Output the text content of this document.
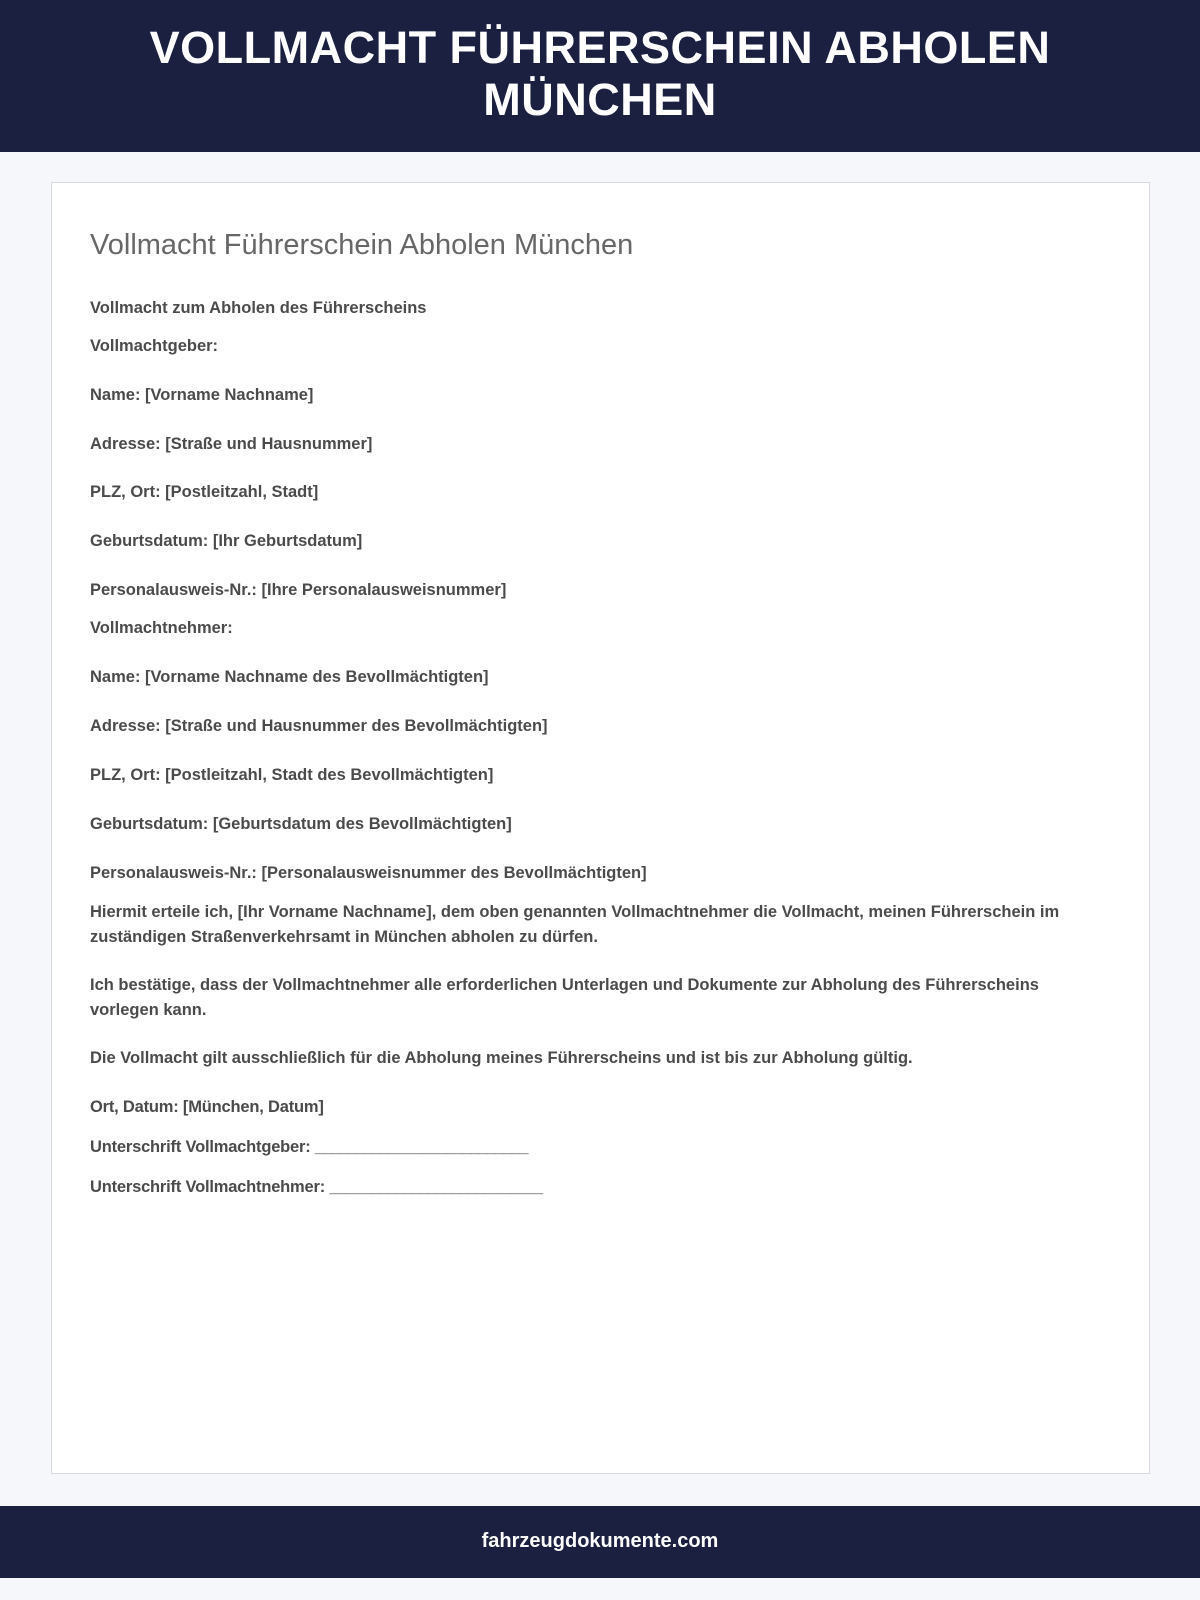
VOLLMACHT FÜHRERSCHEIN ABHOLEN MÜNCHEN
Vollmacht Führerschein Abholen München

Vollmacht zum Abholen des Führerscheins

Vollmachtgeber:

Name: [Vorname Nachname]

Adresse: [Straße und Hausnummer]

PLZ, Ort: [Postleitzahl, Stadt]

Geburtsdatum: [Ihr Geburtsdatum]

Personalausweis-Nr.: [Ihre Personalausweisnummer]

Vollmachtnehmer:

Name: [Vorname Nachname des Bevollmächtigten]

Adresse: [Straße und Hausnummer des Bevollmächtigten]

PLZ, Ort: [Postleitzahl, Stadt des Bevollmächtigten]

Geburtsdatum: [Geburtsdatum des Bevollmächtigten]

Personalausweis-Nr.: [Personalausweisnummer des Bevollmächtigten]

Hiermit erteile ich, [Ihr Vorname Nachname], dem oben genannten Vollmachtnehmer die Vollmacht, meinen Führerschein im zuständigen Straßenverkehrsamt in München abholen zu dürfen.

Ich bestätige, dass der Vollmachtnehmer alle erforderlichen Unterlagen und Dokumente zur Abholung des Führerscheins vorlegen kann.

Die Vollmacht gilt ausschließlich für die Abholung meines Führerscheins und ist bis zur Abholung gültig.

Ort, Datum: [München, Datum]

Unterschrift Vollmachtgeber: __________________________

Unterschrift Vollmachtnehmer: __________________________

fahrzeugdokumente.com
